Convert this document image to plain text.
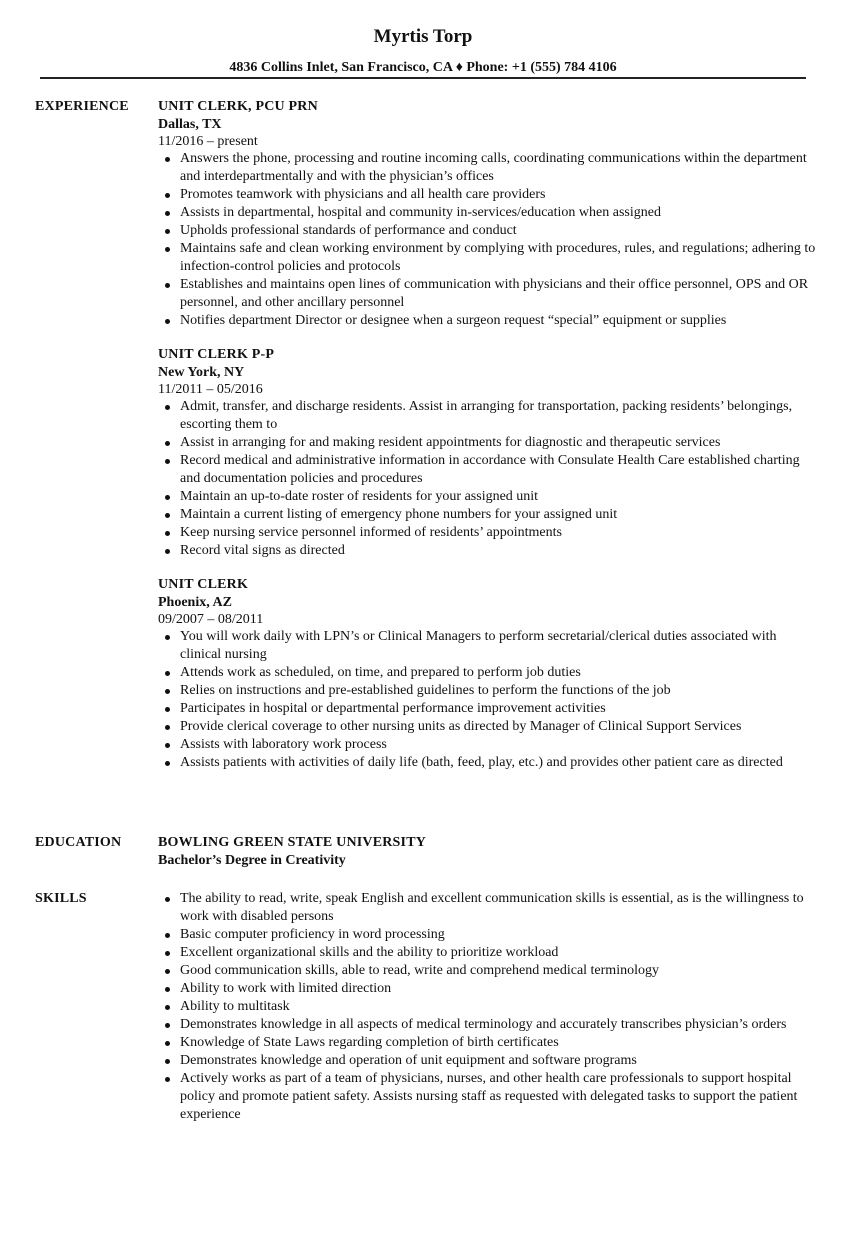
Myrtis Torp
4836 Collins Inlet, San Francisco, CA ♦ Phone: +1 (555) 784 4106
EXPERIENCE UNIT CLERK, PCU PRN
Dallas, TX
11/2016 – present
Answers the phone, processing and routine incoming calls, coordinating communications within the department and interdepartmentally and with the physician’s offices
Promotes teamwork with physicians and all health care providers
Assists in departmental, hospital and community in-services/education when assigned
Upholds professional standards of performance and conduct
Maintains safe and clean working environment by complying with procedures, rules, and regulations; adhering to infection-control policies and protocols
Establishes and maintains open lines of communication with physicians and their office personnel, OPS and OR personnel, and other ancillary personnel
Notifies department Director or designee when a surgeon request “special” equipment or supplies
UNIT CLERK P-P
New York, NY
11/2011 – 05/2016
Admit, transfer, and discharge residents. Assist in arranging for transportation, packing residents’ belongings, escorting them to
Assist in arranging for and making resident appointments for diagnostic and therapeutic services
Record medical and administrative information in accordance with Consulate Health Care established charting and documentation policies and procedures
Maintain an up-to-date roster of residents for your assigned unit
Maintain a current listing of emergency phone numbers for your assigned unit
Keep nursing service personnel informed of residents’ appointments
Record vital signs as directed
UNIT CLERK
Phoenix, AZ
09/2007 – 08/2011
You will work daily with LPN’s or Clinical Managers to perform secretarial/clerical duties associated with clinical nursing
Attends work as scheduled, on time, and prepared to perform job duties
Relies on instructions and pre-established guidelines to perform the functions of the job
Participates in hospital or departmental performance improvement activities
Provide clerical coverage to other nursing units as directed by Manager of Clinical Support Services
Assists with laboratory work process
Assists patients with activities of daily life (bath, feed, play, etc.) and provides other patient care as directed
EDUCATION	BOWLING GREEN STATE UNIVERSITY
Bachelor’s Degree in Creativity
SKILLS	The ability to read, write, speak English and excellent communication skills is essential, as is the willingness to work with disabled persons
Basic computer proficiency in word processing
Excellent organizational skills and the ability to prioritize workload
Good communication skills, able to read, write and comprehend medical terminology
Ability to work with limited direction
Ability to multitask
Demonstrates knowledge in all aspects of medical terminology and accurately transcribes physician’s orders
Knowledge of State Laws regarding completion of birth certificates
Demonstrates knowledge and operation of unit equipment and software programs
Actively works as part of a team of physicians, nurses, and other health care professionals to support hospital policy and promote patient safety. Assists nursing staff as requested with delegated tasks to support the patient experience
